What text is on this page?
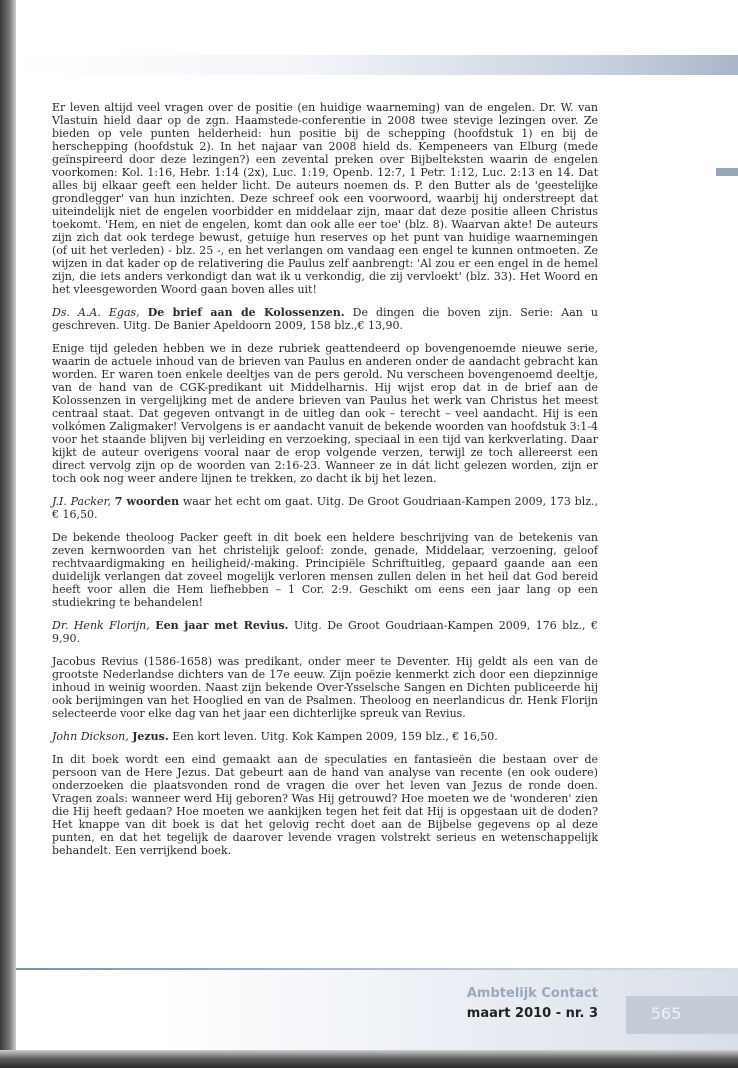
Er leven altijd veel vragen over de positie (en huidige waarneming) van de engelen. Dr. W. van Vlastuin hield daar op de zgn. Haamstede-conferentie in 2008 twee stevige lezingen over. Ze bieden op vele punten helderheid: hun positie bij de schepping (hoofdstuk 1) en bij de herschepping (hoofdstuk 2). In het najaar van 2008 hield ds. Kempeneers van Elburg (mede geïnspireerd door deze lezingen?) een zevental preken over Bijbelteksten waarin de engelen voorkomen: Kol. 1:16, Hebr. 1:14 (2x), Luc. 1:19, Openb. 12:7, 1 Petr. 1:12, Luc. 2:13 en 14. Dat alles bij elkaar geeft een helder licht. De auteurs noemen ds. P. den Butter als de 'geestelijke grondlegger' van hun inzichten. Deze schreef ook een voorwoord, waarbij hij onderstreept dat uiteindelijk niet de engelen voorbidder en middelaar zijn, maar dat deze positie alleen Christus toekomt. 'Hem, en niet de engelen, komt dan ook alle eer toe' (blz. 8). Waarvan akte! De auteurs zijn zich dat ook terdege bewust, getuige hun reserves op het punt van huidige waarnemingen (of uit het verleden) - blz. 25 -, en het verlangen om vandaag een engel te kunnen ontmoeten. Ze wijzen in dat kader op de relativering die Paulus zelf aanbrengt: 'Al zou er een engel in de hemel zijn, die iets anders verkondigt dan wat ik u verkondig, die zij vervloekt' (blz. 33). Het Woord en het vleesgeworden Woord gaan boven alles uit!

Ds. A.A. Egas, De brief aan de Kolossenzen. De dingen die boven zijn. Serie: Aan u geschreven. Uitg. De Banier Apeldoorn 2009, 158 blz.,€ 13,90.

Enige tijd geleden hebben we in deze rubriek geattendeerd op bovengenoemde nieuwe serie, waarin de actuele inhoud van de brieven van Paulus en anderen onder de aandacht gebracht kan worden. Er waren toen enkele deeltjes van de pers gerold. Nu verscheen bovengenoemd deeltje, van de hand van de CGK-predikant uit Middelharnis. Hij wijst erop dat in de brief aan de Kolossenzen in vergelijking met de andere brieven van Paulus het werk van Christus het meest centraal staat. Dat gegeven ontvangt in de uitleg dan ook – terecht – veel aandacht. Hij is een volkómen Zaligmaker! Vervolgens is er aandacht vanuit de bekende woorden van hoofdstuk 3:1-4 voor het staande blijven bij verleiding en verzoeking, speciaal in een tijd van kerkverlating. Daar kijkt de auteur overigens vooral naar de erop volgende verzen, terwijl ze toch allereerst een direct vervolg zijn op de woorden van 2:16-23. Wanneer ze in dát licht gelezen worden, zijn er toch ook nog weer andere lijnen te trekken, zo dacht ik bij het lezen.

J.I. Packer, 7 woorden waar het echt om gaat. Uitg. De Groot Goudriaan-Kampen 2009, 173 blz., € 16,50.

De bekende theoloog Packer geeft in dit boek een heldere beschrijving van de betekenis van zeven kernwoorden van het christelijk geloof: zonde, genade, Middelaar, verzoening, geloof rechtvaardigmaking en heiligheid/-making. Principiële Schriftuitleg, gepaard gaande aan een duidelijk verlangen dat zoveel mogelijk verloren mensen zullen delen in het heil dat God bereid heeft voor allen die Hem liefhebben – 1 Cor. 2:9. Geschikt om eens een jaar lang op een studiekring te behandelen!

Dr. Henk Florijn, Een jaar met Revius. Uitg. De Groot Goudriaan-Kampen 2009, 176 blz., € 9,90.

Jacobus Revius (1586-1658) was predikant, onder meer te Deventer. Hij geldt als een van de grootste Nederlandse dichters van de 17e eeuw. Zijn poëzie kenmerkt zich door een diepzinnige inhoud in weinig woorden. Naast zijn bekende Over-Ysselsche Sangen en Dichten publiceerde hij ook berijmingen van het Hooglied en van de Psalmen. Theoloog en neerlandicus dr. Henk Florijn selecteerde voor elke dag van het jaar een dichterlijke spreuk van Revius.

John Dickson, Jezus. Een kort leven. Uitg. Kok Kampen 2009, 159 blz., € 16,50.

In dit boek wordt een eind gemaakt aan de speculaties en fantasieën die bestaan over de persoon van de Here Jezus. Dat gebeurt aan de hand van analyse van recente (en ook oudere) onderzoeken die plaatsvonden rond de vragen die over het leven van Jezus de ronde doen. Vragen zoals: wanneer werd Hij geboren? Was Hij getrouwd? Hoe moeten we de 'wonderen' zien die Hij heeft gedaan? Hoe moeten we aankijken tegen het feit dat Hij is opgestaan uit de doden? Het knappe van dit boek is dat het gelovig recht doet aan de Bijbelse gegevens op al deze punten, en dat het tegelijk de daarover levende vragen volstrekt serieus en wetenschappelijk behandelt. Een verrijkend boek.

Ambtelijk Contact
maart 2010 - nr. 3	565
